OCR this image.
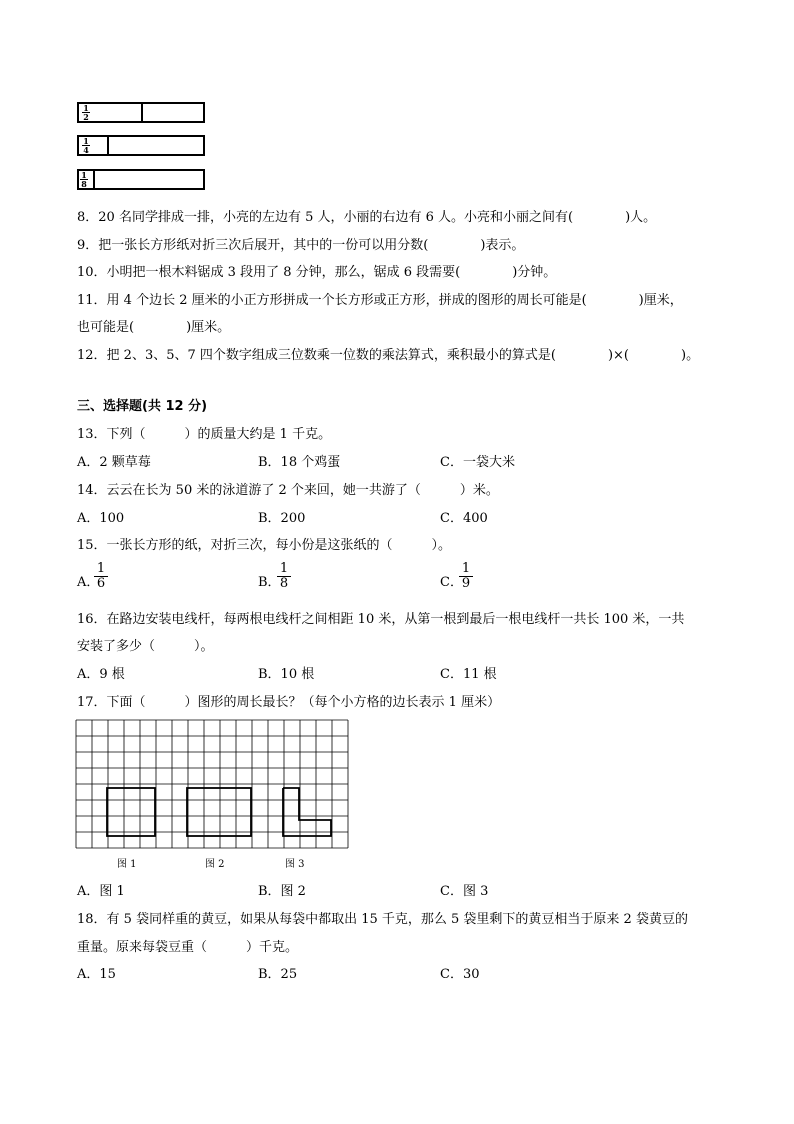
1
2
1
4
1
8
8．20 名同学排成一排，小亮的左边有 5 人，小丽的右边有 6 人。小亮和小丽之间有(　　　　)人。
9．把一张长方形纸对折三次后展开，其中的一份可以用分数(　　　　)表示。
10．小明把一根木料锯成 3 段用了 8 分钟，那么，锯成 6 段需要(　　　　)分钟。
11．用 4 个边长 2 厘米的小正方形拼成一个长方形或正方形，拼成的图形的周长可能是(　　　　)厘米，
也可能是(　　　　)厘米。
12．把 2、3、5、7 四个数字组成三位数乘一位数的乘法算式，乘积最小的算式是(　　　　)×(　　　　)。
三、选择题(共 12 分)
13．下列（　　　）的质量大约是 1 千克。
A．2 颗草莓	B．18 个鸡蛋	C．一袋大米
14．云云在长为 50 米的泳道游了 2 个来回，她一共游了（　　　）米。
A．100	B．200	C．400
15．一张长方形的纸，对折三次，每小份是这张纸的（　　　）。
A．
$\frac{1}{6}$	B．
$\frac{1}{8}$	C．
$\frac{1}{9}$
16．在路边安装电线杆，每两根电线杆之间相距 10 米，从第一根到最后一根电线杆一共长 100 米，一共
安装了多少（　　　）。
A．9 根	B．10 根	C．11 根
17．下面（　　　）图形的周长最长？（每个小方格的边长表示 1 厘米）
图 1	图 2	图 3
A．图 1	B．图 2	C．图 3
18．有 5 袋同样重的黄豆，如果从每袋中都取出 15 千克，那么 5 袋里剩下的黄豆相当于原来 2 袋黄豆的
重量。原来每袋豆重（　　　）千克。
A．15	B．25	C．30
